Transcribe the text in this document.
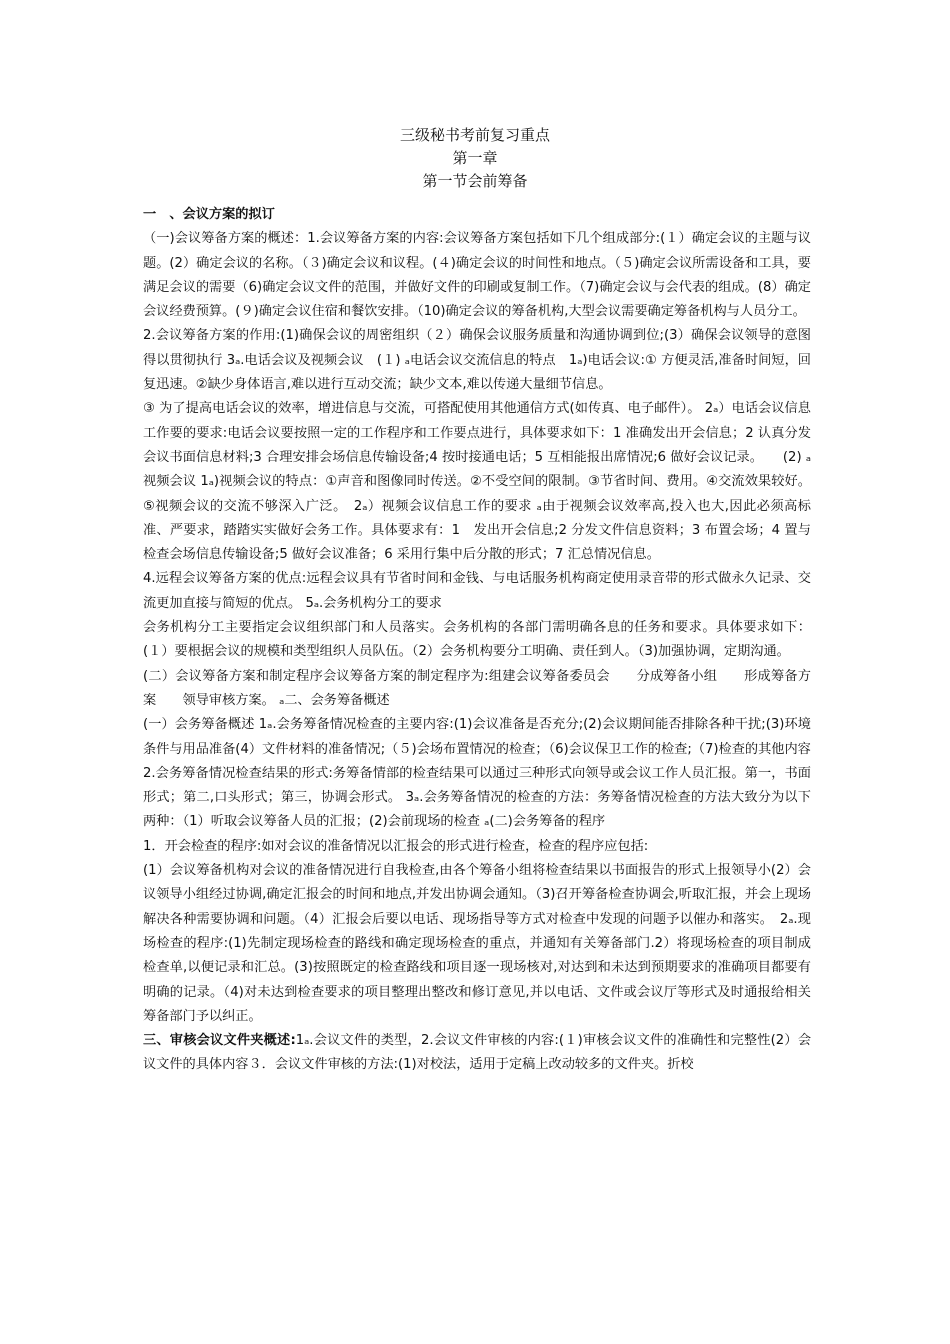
三级秘书考前复习重点
第一章
第一节会前筹备

一　、会议方案的拟订

（一)会议筹备方案的概述：1.会议筹备方案的内容:会议筹备方案包括如下几个组成部分:(１）确定会议的主题与议题。(2）确定会议的名称。（３)确定会议和议程。(４)确定会议的时间性和地点。（５)确定会议所需设备和工具，要满足会议的需要（6)确定会议文件的范围，并做好文件的印刷或复制工作。（7)确定会议与会代表的组成。(8）确定会议经费预算。(９)确定会议住宿和餐饮安排。（10)确定会议的筹备机构,大型会议需要确定筹备机构与人员分工。

2.会议筹备方案的作用:(1)确保会议的周密组织（２）确保会议服务质量和沟通协调到位;(3）确保会议领导的意图得以贯彻执行 3ₐ.电话会议及视频会议　(１) ₐ电话会议交流信息的特点　1ₐ)电话会议:① 方便灵活,准备时间短，回复迅速。②缺少身体语言,难以进行互动交流；缺少文本,难以传递大量细节信息。

③ 为了提高电话会议的效率，增进信息与交流，可搭配使用其他通信方式(如传真、电子邮件）。 2ₐ）电话会议信息工作要的要求:电话会议要按照一定的工作程序和工作要点进行，具体要求如下：1 准确发出开会信息；2 认真分发会议书面信息材料;3 合理安排会场信息传输设备;4 按时接通电话；5 互相能报出席情况;6 做好会议记录。　　(2) ₐ视频会议 1ₐ)视频会议的特点：①声音和图像同时传送。②不受空间的限制。③节省时间、费用。④交流效果较好。⑤视频会议的交流不够深入广泛。　2ₐ）视频会议信息工作的要求 ₐ由于视频会议效率高,投入也大,因此必须高标准、严要求，踏踏实实做好会务工作。具体要求有：1　发出开会信息;2 分发文件信息资料；3 布置会场；4 置与检查会场信息传输设备;5 做好会议准备；6 采用行集中后分散的形式；7 汇总情况信息。

4.远程会议筹备方案的优点:远程会议具有节省时间和金钱、与电话服务机构商定使用录音带的形式做永久记录、交流更加直接与简短的优点。 5ₐ.会务机构分工的要求

会务机构分工主要指定会议组织部门和人员落实。会务机构的各部门需明确各息的任务和要求。具体要求如下：(１）要根据会议的规模和类型组织人员队伍。（2）会务机构要分工明确、责任到人。（3)加强协调，定期沟通。

(二）会议筹备方案和制定程序会议筹备方案的制定程序为:组建会议筹备委员会　　分成筹备小组　　形成筹备方案　　领导审核方案。 ₐ二、会务筹备概述

(一）会务筹备概述 1ₐ.会务筹备情况检查的主要内容:(1)会议准备是否充分;(2)会议期间能否排除各种干扰;(3)环境条件与用品准备(4）文件材料的准备情况;（５)会场布置情况的检查；（6)会议保卫工作的检查;（7)检查的其他内容

2.会务筹备情况检查结果的形式:务筹备情部的检查结果可以通过三种形式向领导或会议工作人员汇报。第一，书面形式；第二,口头形式；第三，协调会形式。 3ₐ.会务筹备情况的检查的方法：务筹备情况检查的方法大致分为以下两种：（1）听取会议筹备人员的汇报；(2)会前现场的检查 ₐ(二)会务筹备的程序

1．开会检查的程序:如对会议的准备情况以汇报会的形式进行检查，检查的程序应包括:

(1）会议筹备机构对会议的准备情况进行自我检查,由各个筹备小组将检查结果以书面报告的形式上报领导小(2）会议领导小组经过协调,确定汇报会的时间和地点,并发出协调会通知。（3)召开筹备检查协调会,听取汇报，并会上现场解决各种需要协调和问题。（4）汇报会后要以电话、现场指导等方式对检查中发现的问题予以催办和落实。　2ₐ.现场检查的程序:(1)先制定现场检查的路线和确定现场检查的重点，并通知有关筹备部门.2）将现场检查的项目制成检查单,以便记录和汇总。(3)按照既定的检查路线和项目逐一现场核对,对达到和未达到预期要求的准确项目都要有明确的记录。（4)对未达到检查要求的项目整理出整改和修订意见,并以电话、文件或会议厅等形式及时通报给相关筹备部门予以纠正。

三、审核会议文件夹概述:1ₐ.会议文件的类型，2.会议文件审核的内容:(１)审核会议文件的准确性和完整性(2）会议文件的具体内容３．会议文件审核的方法:(1)对校法，适用于定稿上改动较多的文件夹。折校
